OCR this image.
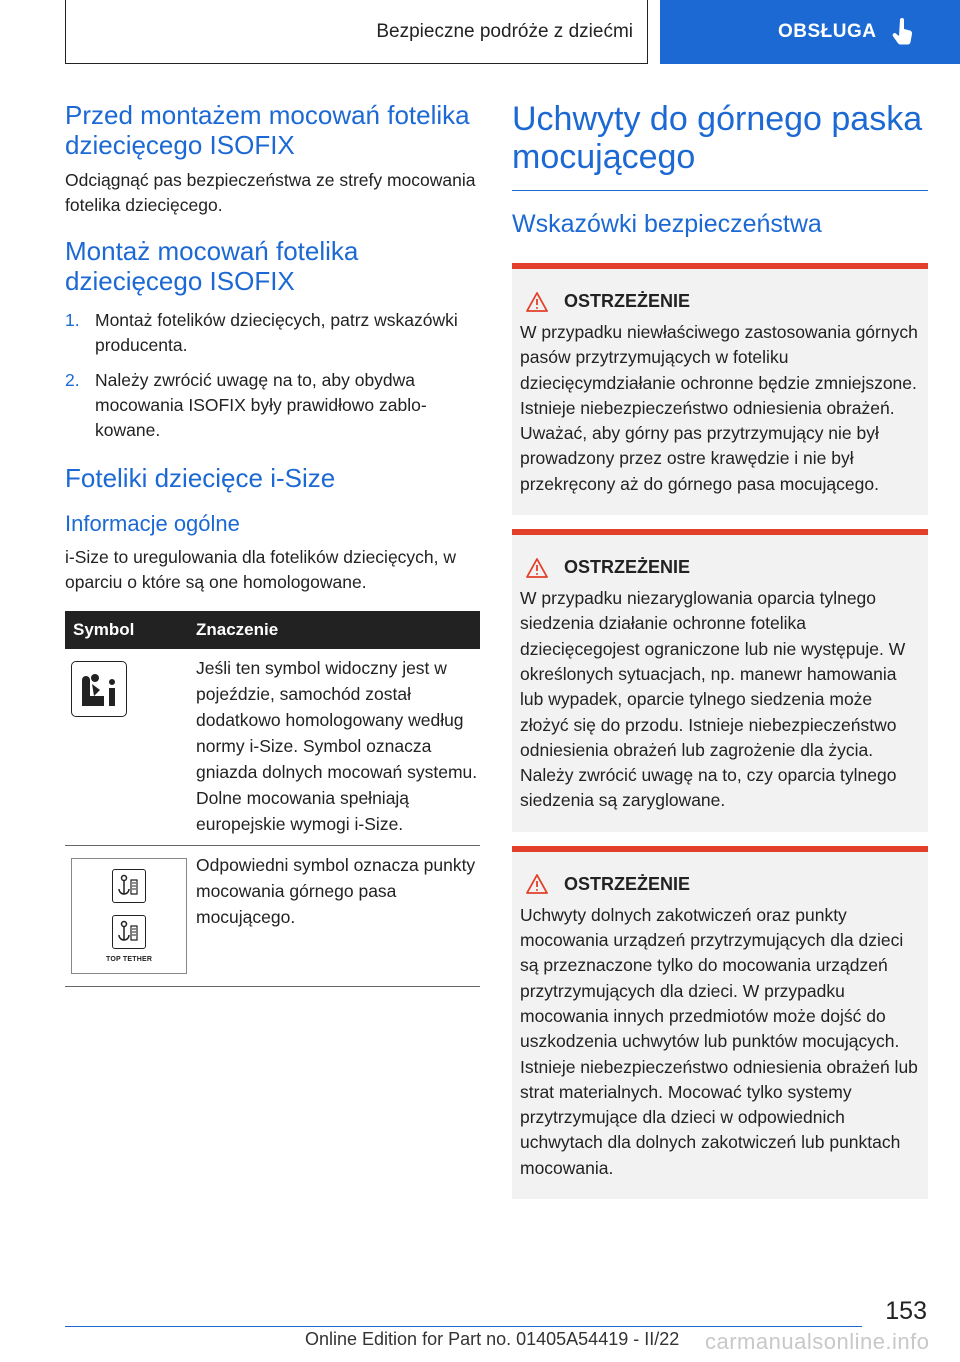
Bezpieczne podróże z dziećmi	OBSŁUGA
Przed montażem mocowań fotelika dziecięcego ISOFIX

Odciągnąć pas bezpieczeństwa ze strefy mocowania fotelika dziecięcego.

Montaż mocowań fotelika dziecięcego ISOFIX
1. Montaż fotelików dziecięcych, patrz wskazówki producenta.
2. Należy zwrócić uwagę na to, aby obydwa mocowania ISOFIX były prawidłowo zablokowane.
Foteliki dziecięce i-Size
Informacje ogólne

i-Size to uregulowania dla fotelików dziecięcych, w oparciu o które są one homologowane.

Symbol	Znaczenie

	Jeśli ten symbol widoczny jest w pojeździe, samochód został dodatkowo homologowany według normy i-Size. Symbol oznacza gniazda dolnych mocowań systemu. Dolne mocowania spełniają europejskie wymogi i-Size.

TOP TETHER	Odpowiedni symbol oznacza punkty mocowania górnego pasa mocującego.
Uchwyty do górnego paska mocującego
Wskazówki bezpieczeństwa
OSTRZEŻENIE

W przypadku niewłaściwego zastosowania górnych pasów przytrzymujących w foteliku dziecięcymdziałanie ochronne będzie zmniejszone. Istnieje niebezpieczeństwo odniesienia obrażeń. Uważać, aby górny pas przytrzymujący nie był prowadzony przez ostre krawędzie i nie był przekręcony aż do górnego pasa mocującego.

OSTRZEŻENIE

W przypadku niezaryglowania oparcia tylnego siedzenia działanie ochronne fotelika dziecięcegojest ograniczone lub nie występuje. W określonych sytuacjach, np. manewr hamowania lub wypadek, oparcie tylnego siedzenia może złożyć się do przodu. Istnieje niebezpieczeństwo odniesienia obrażeń lub zagrożenie dla życia. Należy zwrócić uwagę na to, czy oparcia tylnego siedzenia są zaryglowane.

OSTRZEŻENIE

Uchwyty dolnych zakotwiczeń oraz punkty mocowania urządzeń przytrzymujących dla dzieci są przeznaczone tylko do mocowania urządzeń przytrzymujących dla dzieci. W przypadku mocowania innych przedmiotów może dojść do uszkodzenia uchwytów lub punktów mocujących. Istnieje niebezpieczeństwo odniesienia obrażeń lub strat materialnych. Mocować tylko systemy przytrzymujące dla dzieci w odpowiednich uchwytach dla dolnych zakotwiczeń lub punktach mocowania.

153
Online Edition for Part no. 01405A54419 - II/22 carmanualsonline.info
